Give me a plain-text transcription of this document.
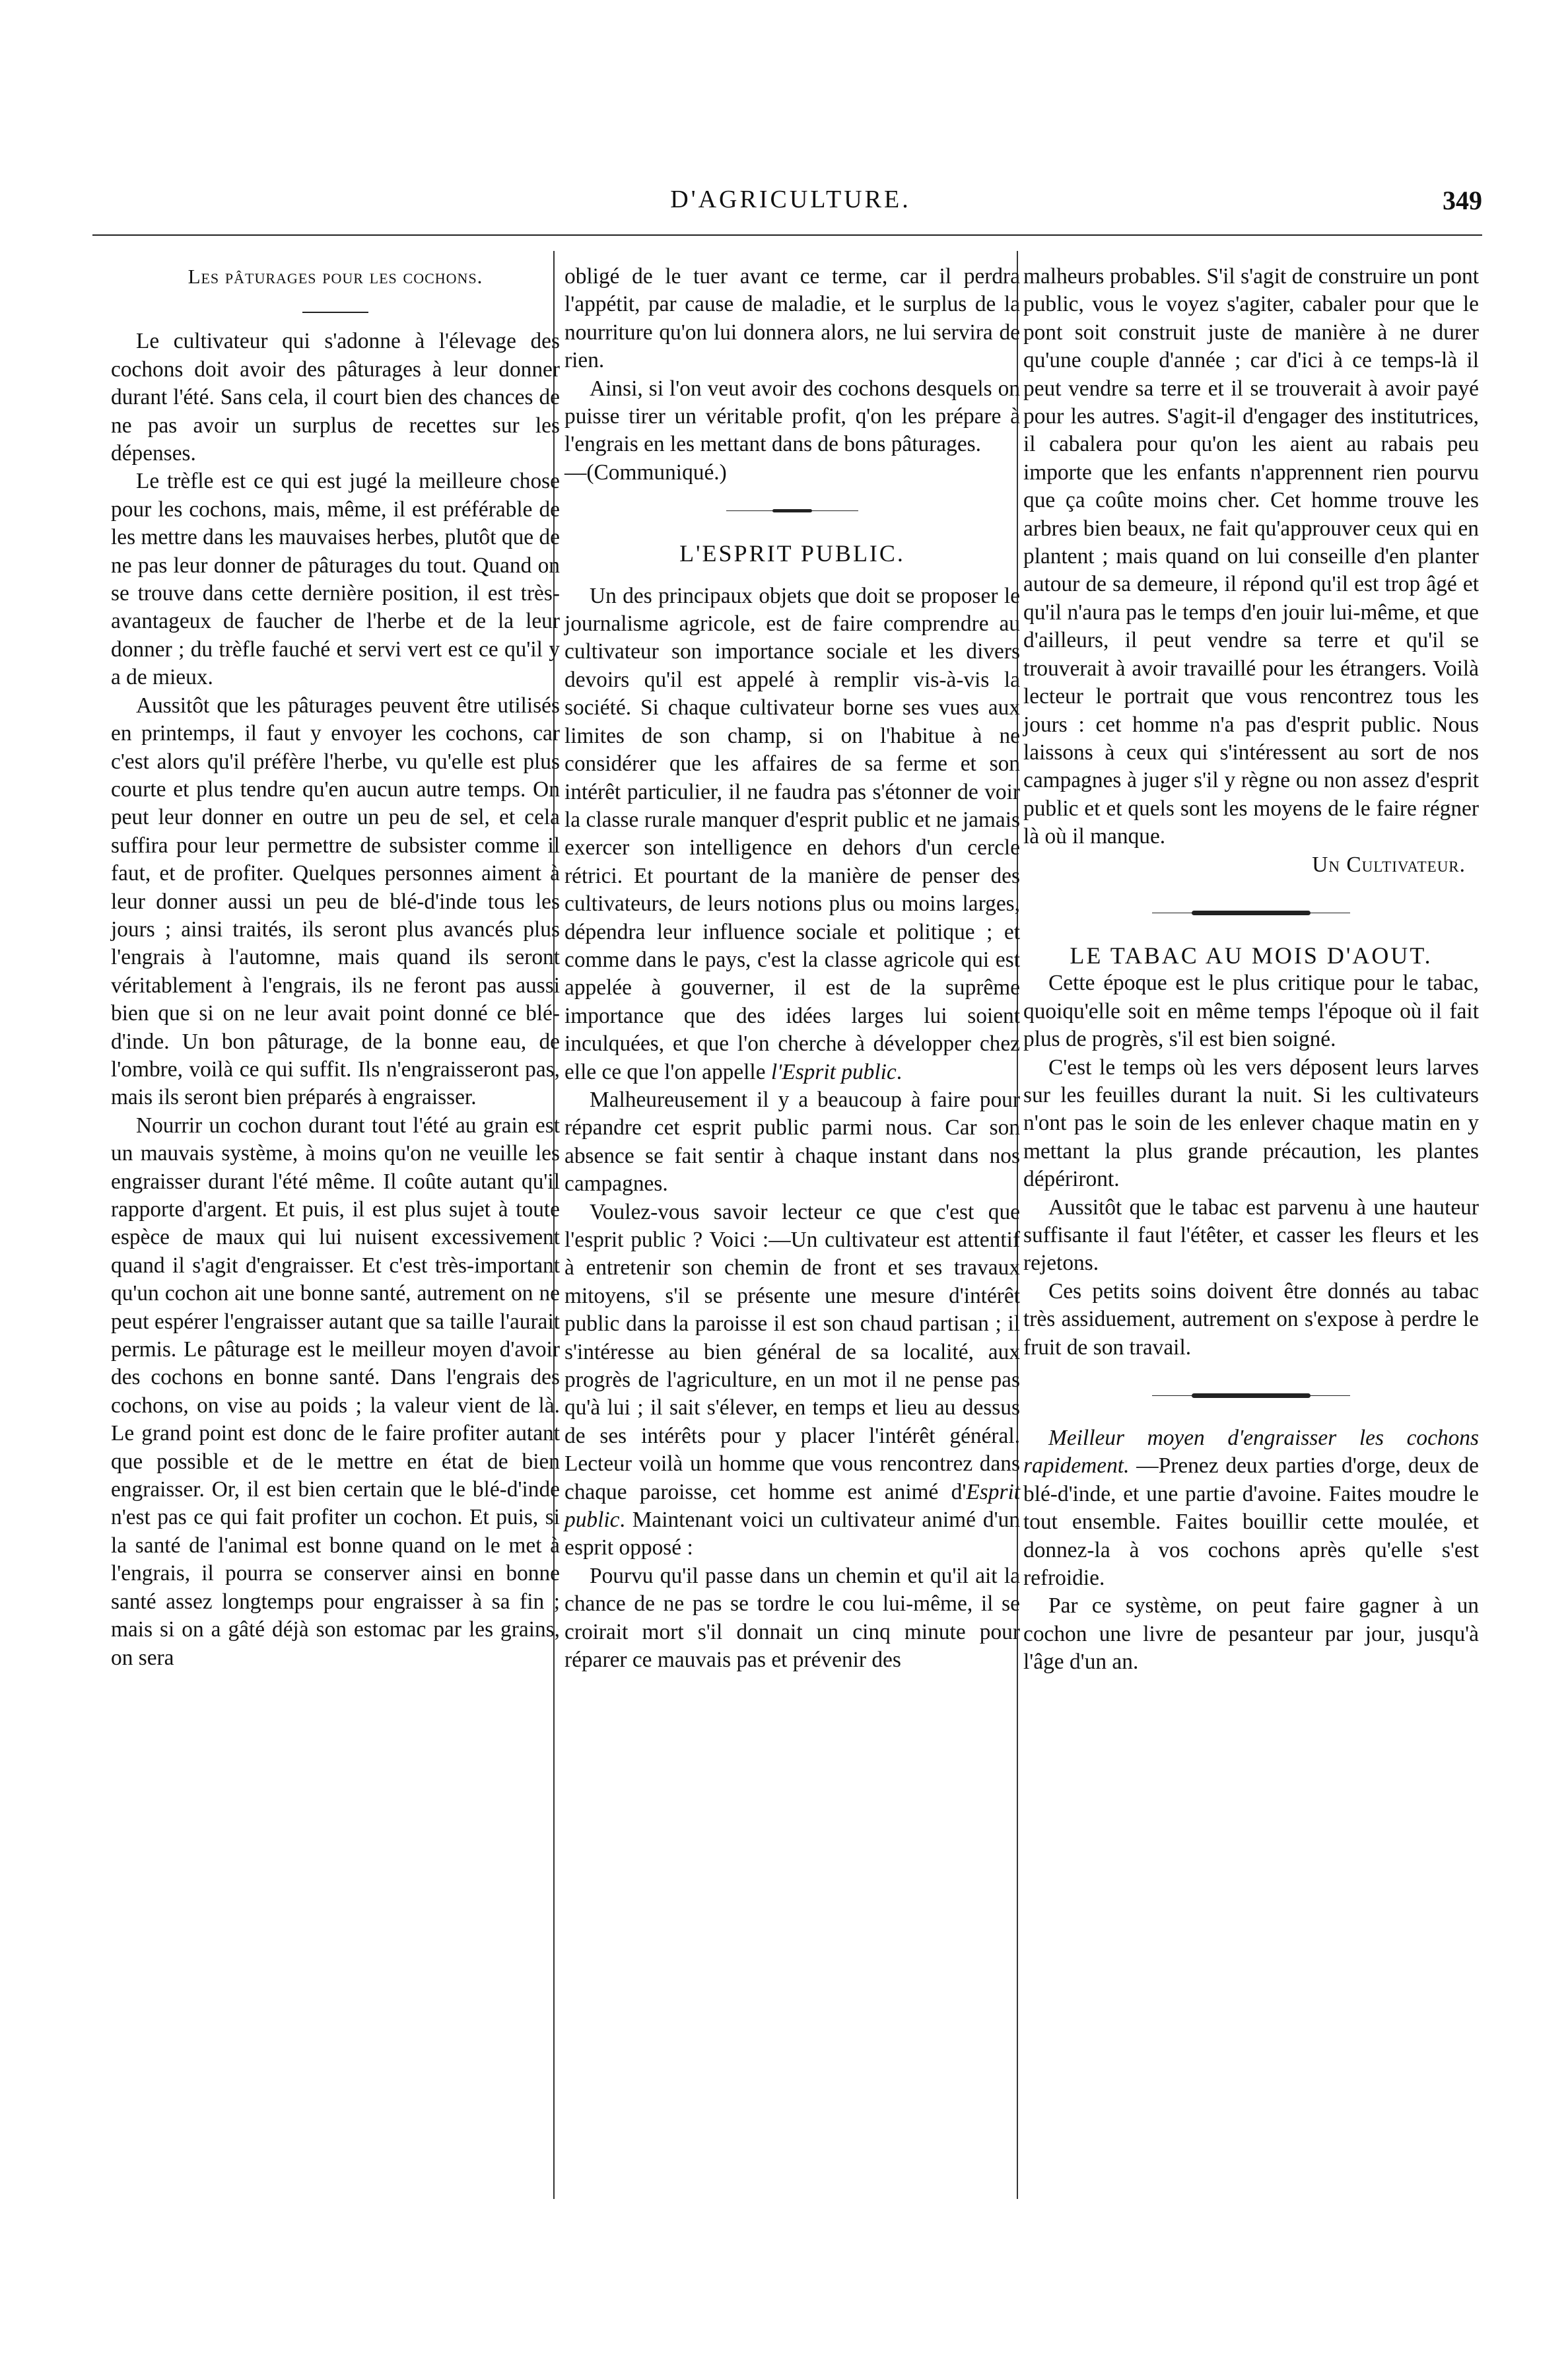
D'AGRICULTURE.	349

Les pâturages pour les cochons.

Le cultivateur qui s'adonne à l'élevage des cochons doit avoir des pâturages à leur donner durant l'été. Sans cela, il court bien des chances de ne pas avoir un surplus de recettes sur les dépenses.

Le trèfle est ce qui est jugé la meilleure chose pour les cochons, mais, même, il est préférable de les mettre dans les mauvaises herbes, plutôt que de ne pas leur donner de pâturages du tout. Quand on se trouve dans cette dernière position, il est très-avantageux de faucher de l'herbe et de la leur donner ; du trèfle fauché et servi vert est ce qu'il y a de mieux.

Aussitôt que les pâturages peuvent être utilisés en printemps, il faut y envoyer les cochons, car c'est alors qu'il préfère l'herbe, vu qu'elle est plus courte et plus tendre qu'en aucun autre temps. On peut leur donner en outre un peu de sel, et cela suffira pour leur permettre de subsister comme il faut, et de profiter. Quelques personnes aiment à leur donner aussi un peu de blé-d'inde tous les jours ; ainsi traités, ils seront plus avancés plus l'engrais à l'automne, mais quand ils seront véritablement à l'engrais, ils ne feront pas aussi bien que si on ne leur avait point donné ce blé-d'inde. Un bon pâturage, de la bonne eau, de l'ombre, voilà ce qui suffit. Ils n'engraisseront pas, mais ils seront bien préparés à engraisser.

Nourrir un cochon durant tout l'été au grain est un mauvais système, à moins qu'on ne veuille les engraisser durant l'été même. Il coûte autant qu'il rapporte d'argent. Et puis, il est plus sujet à toute espèce de maux qui lui nuisent excessivement quand il s'agit d'engraisser. Et c'est très-important qu'un cochon ait une bonne santé, autrement on ne peut espérer l'engraisser autant que sa taille l'aurait permis. Le pâturage est le meilleur moyen d'avoir des cochons en bonne santé. Dans l'engrais des cochons, on vise au poids ; la valeur vient de là. Le grand point est donc de le faire profiter autant que possible et de le mettre en état de bien engraisser. Or, il est bien certain que le blé-d'inde n'est pas ce qui fait profiter un cochon. Et puis, si la santé de l'animal est bonne quand on le met à l'engrais, il pourra se conserver ainsi en bonne santé assez longtemps pour engraisser à sa fin ; mais si on a gâté déjà son estomac par les grains, on sera

obligé de le tuer avant ce terme, car il perdra l'appétit, par cause de maladie, et le surplus de la nourriture qu'on lui donnera alors, ne lui servira de rien.

Ainsi, si l'on veut avoir des cochons desquels on puisse tirer un véritable profit, q'on les prépare à l'engrais en les mettant dans de bons pâturages.

—(Communiqué.)

L'ESPRIT PUBLIC.

Un des principaux objets que doit se proposer le journalisme agricole, est de faire comprendre au cultivateur son importance sociale et les divers devoirs qu'il est appelé à remplir vis-à-vis la société. Si chaque cultivateur borne ses vues aux limites de son champ, si on l'habitue à ne considérer que les affaires de sa ferme et son intérêt particulier, il ne faudra pas s'étonner de voir la classe rurale manquer d'esprit public et ne jamais exercer son intelligence en dehors d'un cercle rétrici. Et pourtant de la manière de penser des cultivateurs, de leurs notions plus ou moins larges, dépendra leur influence sociale et politique ; et comme dans le pays, c'est la classe agricole qui est appelée à gouverner, il est de la suprême importance que des idées larges lui soient inculquées, et que l'on cherche à développer chez elle ce que l'on appelle l'Esprit public.

Malheureusement il y a beaucoup à faire pour répandre cet esprit public parmi nous. Car son absence se fait sentir à chaque instant dans nos campagnes.

Voulez-vous savoir lecteur ce que c'est que l'esprit public ? Voici :—Un cultivateur est attentif à entretenir son chemin de front et ses travaux mitoyens, s'il se présente une mesure d'intérêt public dans la paroisse il est son chaud partisan ; il s'intéresse au bien général de sa localité, aux progrès de l'agriculture, en un mot il ne pense pas qu'à lui ; il sait s'élever, en temps et lieu au dessus de ses intérêts pour y placer l'intérêt général. Lecteur voilà un homme que vous rencontrez dans chaque paroisse, cet homme est animé d'Esprit public. Maintenant voici un cultivateur animé d'un esprit opposé :

Pourvu qu'il passe dans un chemin et qu'il ait la chance de ne pas se tordre le cou lui-même, il se croirait mort s'il donnait un cinq minute pour réparer ce mauvais pas et prévenir des

malheurs probables. S'il s'agit de construire un pont public, vous le voyez s'agiter, cabaler pour que le pont soit construit juste de manière à ne durer qu'une couple d'année ; car d'ici à ce temps-là il peut vendre sa terre et il se trouverait à avoir payé pour les autres. S'agit-il d'engager des institutrices, il cabalera pour qu'on les aient au rabais peu importe que les enfants n'apprennent rien pourvu que ça coûte moins cher. Cet homme trouve les arbres bien beaux, ne fait qu'approuver ceux qui en plantent ; mais quand on lui conseille d'en planter autour de sa demeure, il répond qu'il est trop âgé et qu'il n'aura pas le temps d'en jouir lui-même, et que d'ailleurs, il peut vendre sa terre et qu'il se trouverait à avoir travaillé pour les étrangers. Voilà lecteur le portrait que vous rencontrez tous les jours : cet homme n'a pas d'esprit public. Nous laissons à ceux qui s'intéressent au sort de nos campagnes à juger s'il y règne ou non assez d'esprit public et et quels sont les moyens de le faire régner là où il manque.

Un Cultivateur.

LE TABAC AU MOIS D'AOUT.

Cette époque est le plus critique pour le tabac, quoiqu'elle soit en même temps l'époque où il fait plus de progrès, s'il est bien soigné.

C'est le temps où les vers déposent leurs larves sur les feuilles durant la nuit. Si les cultivateurs n'ont pas le soin de les enlever chaque matin en y mettant la plus grande précaution, les plantes dépériront.

Aussitôt que le tabac est parvenu à une hauteur suffisante il faut l'étêter, et casser les fleurs et les rejetons.

Ces petits soins doivent être donnés au tabac très assiduement, autrement on s'expose à perdre le fruit de son travail.

Meilleur moyen d'engraisser les cochons rapidement. —Prenez deux parties d'orge, deux de blé-d'inde, et une partie d'avoine. Faites moudre le tout ensemble. Faites bouillir cette moulée, et donnez-la à vos cochons après qu'elle s'est refroidie.

Par ce système, on peut faire gagner à un cochon une livre de pesanteur par jour, jusqu'à l'âge d'un an.
